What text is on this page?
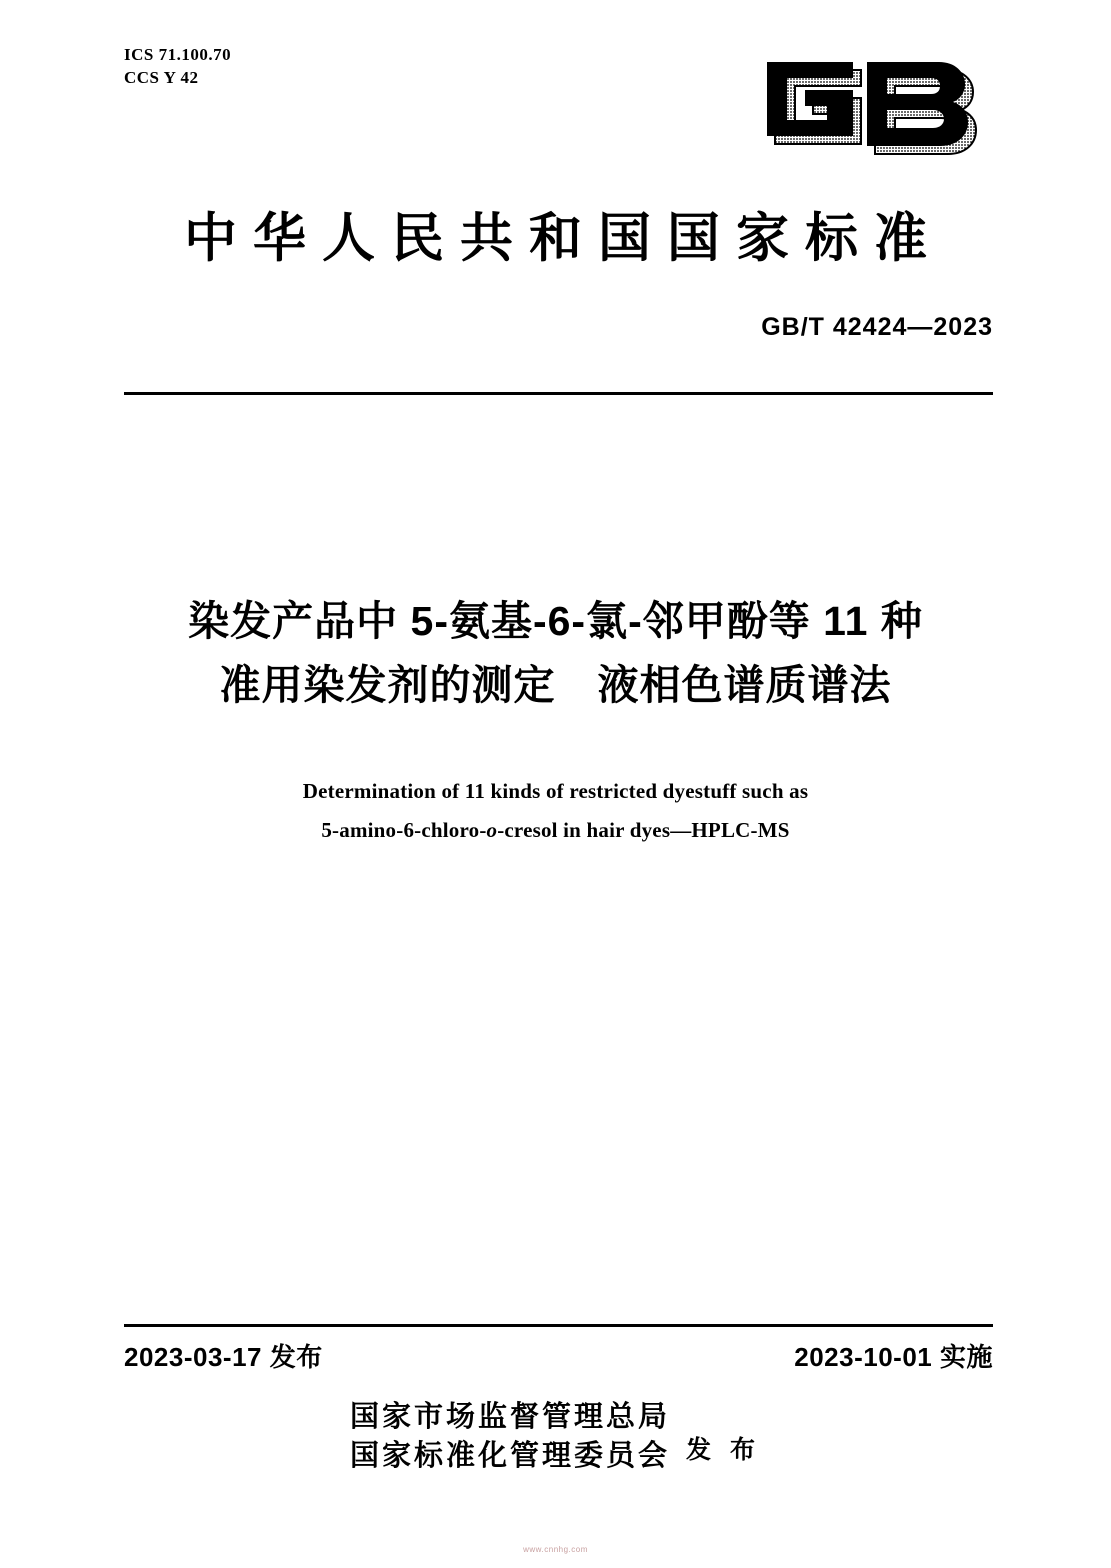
ICS 71.100.70
CCS Y 42
中华人民共和国国家标准
GB/T 42424—2023
染发产品中 5-氨基-6-氯-邻甲酚等 11 种
准用染发剂的测定　液相色谱质谱法
Determination of 11 kinds of restricted dyestuff such as
5-amino-6-chloro-o-cresol in hair dyes—HPLC-MS
2023-03-17 发布	2023-10-01 实施
国家市场监督管理总局
国家标准化管理委员会 发 布
www.cnnhg.com
